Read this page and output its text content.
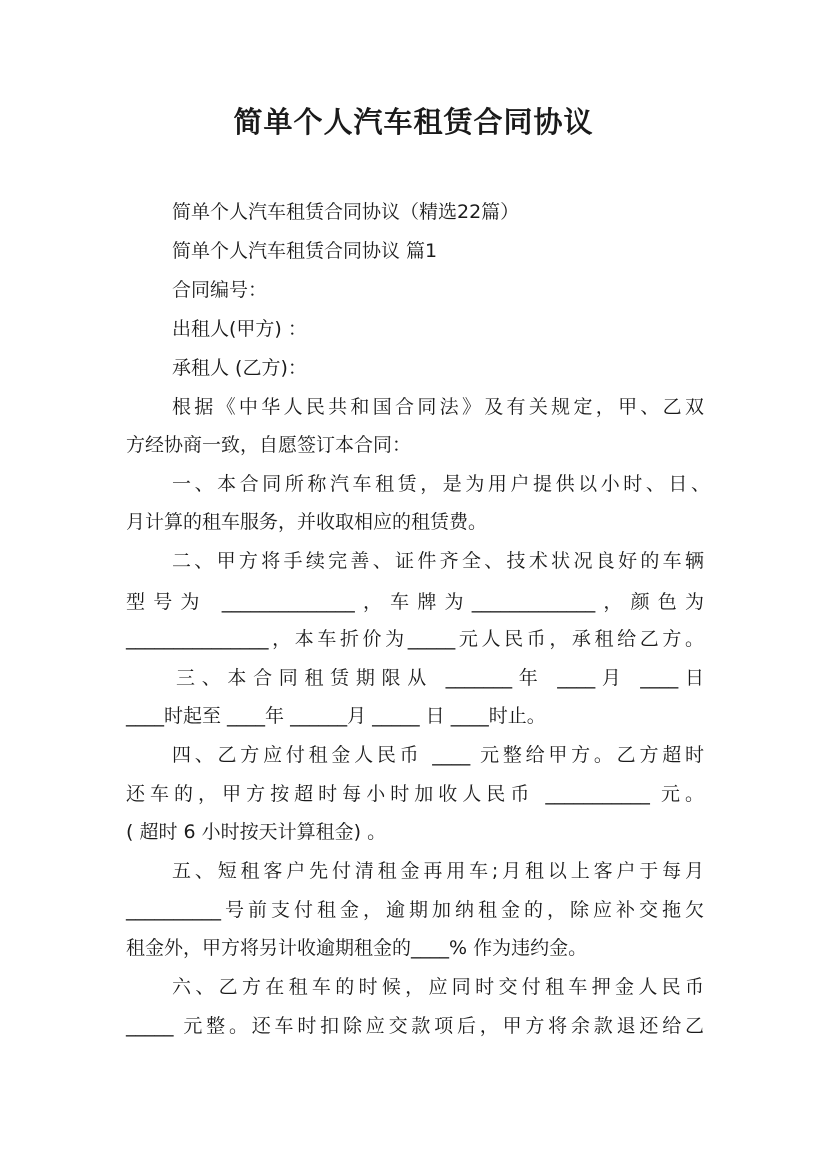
简单个人汽车租赁合同协议
简单个人汽车租赁合同协议（精选22篇）
简单个人汽车租赁合同协议 篇1
合同编号：
出租人(甲方) ：
承租人 (乙方)：
根据《中华人民共和国合同法》及有关规定，甲、乙双
方经协商一致，自愿签订本合同：
一、本合同所称汽车租赁，是为用户提供以小时、日、
月计算的租车服务，并收取相应的租赁费。
二、甲方将手续完善、证件齐全、技术状况良好的车辆
型号为 ______________，车牌为_____________，颜色为
_______________，本车折价为_____元人民币，承租给乙方。
三、本合同租赁期限从 _______年 ____月 ____日
____时起至 ____年 ______月 _____ 日 ____时止。
四、乙方应付租金人民币 ____ 元整给甲方。乙方超时
还车的，甲方按超时每小时加收人民币 ___________ 元。
( 超时 6 小时按天计算租金) 。
五、短租客户先付清租金再用车;月租以上客户于每月
__________号前支付租金，逾期加纳租金的，除应补交拖欠
租金外，甲方将另计收逾期租金的____% 作为违约金。
六、乙方在租车的时候，应同时交付租车押金人民币
_____ 元整。还车时扣除应交款项后，甲方将余款退还给乙
